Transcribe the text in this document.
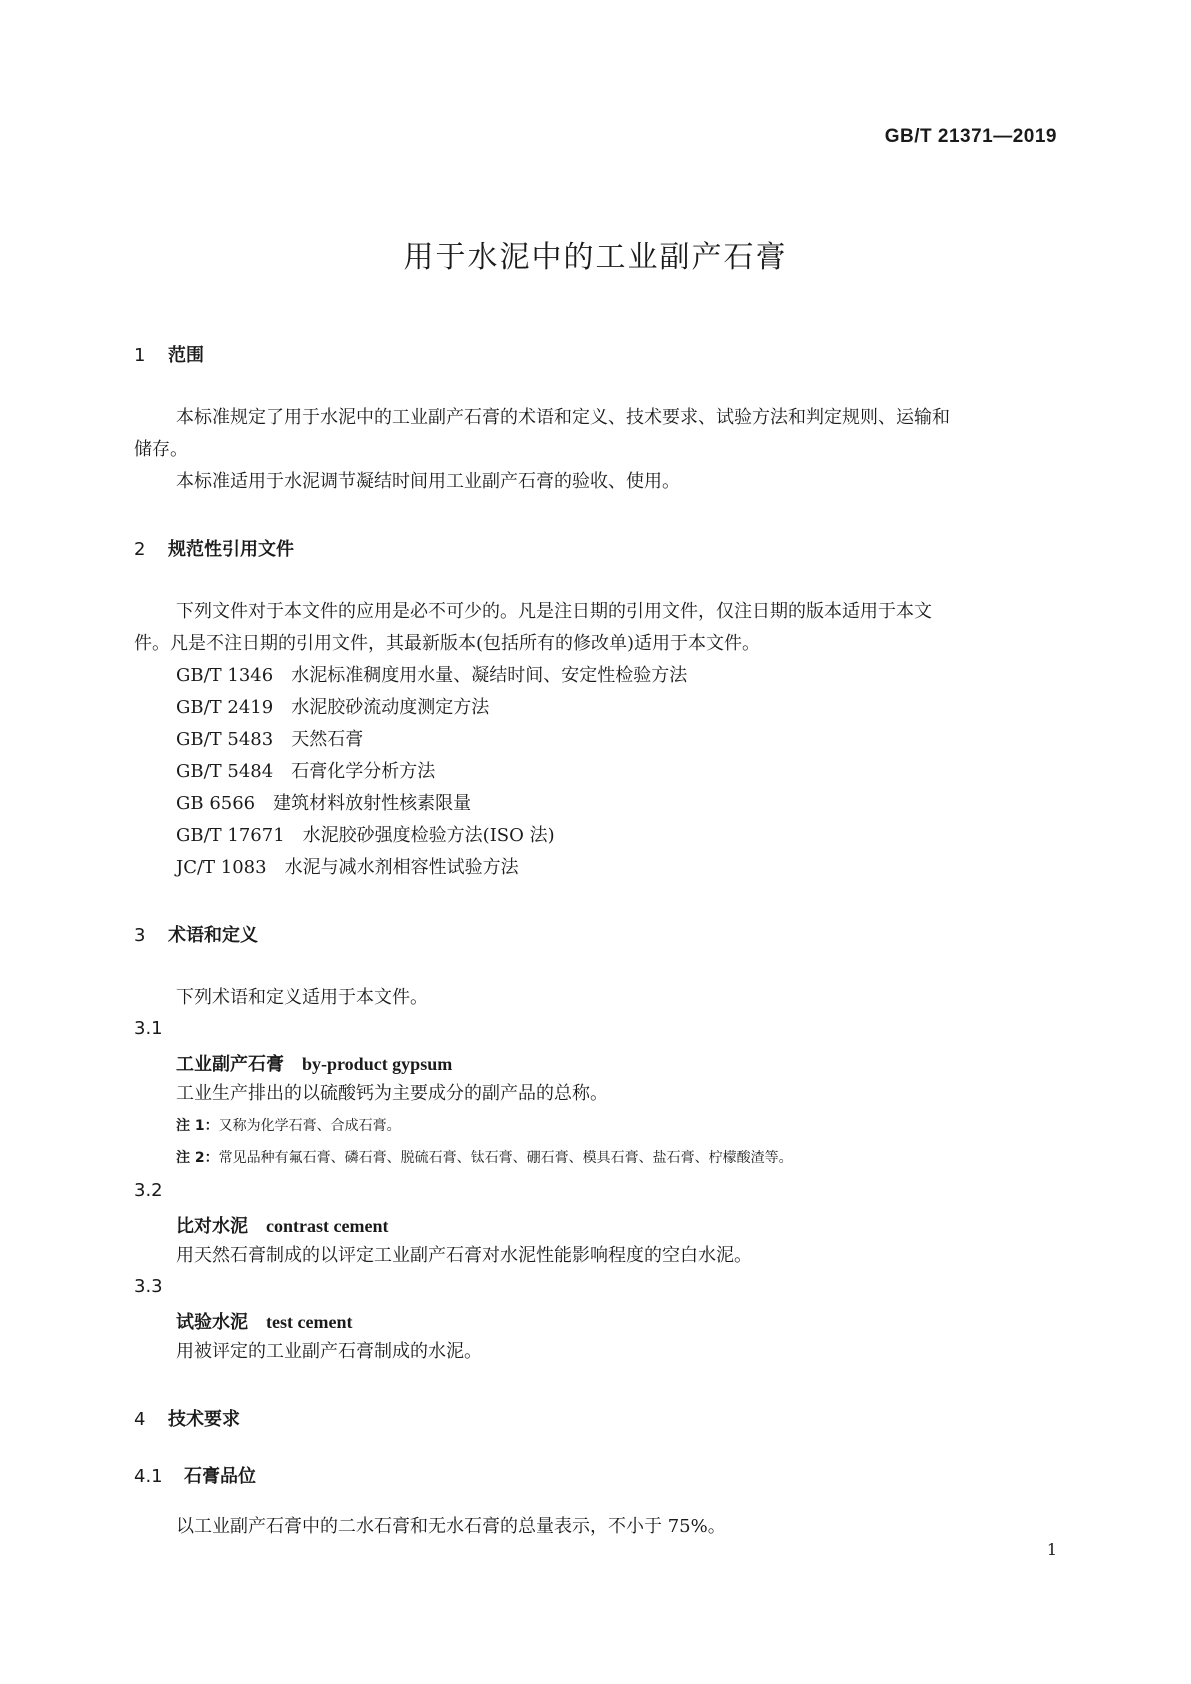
GB/T 21371—2019
用于水泥中的工业副产石膏
1 范围
本标准规定了用于水泥中的工业副产石膏的术语和定义、技术要求、试验方法和判定规则、运输和
储存。
本标准适用于水泥调节凝结时间用工业副产石膏的验收、使用。
2 规范性引用文件
下列文件对于本文件的应用是必不可少的。凡是注日期的引用文件，仅注日期的版本适用于本文
件。凡是不注日期的引用文件，其最新版本(包括所有的修改单)适用于本文件。
GB/T 1346 水泥标准稠度用水量、凝结时间、安定性检验方法
GB/T 2419 水泥胶砂流动度测定方法
GB/T 5483 天然石膏
GB/T 5484 石膏化学分析方法
GB 6566 建筑材料放射性核素限量
GB/T 17671 水泥胶砂强度检验方法(ISO 法)
JC/T 1083 水泥与减水剂相容性试验方法
3 术语和定义
下列术语和定义适用于本文件。
3.1
工业副产石膏 by-product gypsum
工业生产排出的以硫酸钙为主要成分的副产品的总称。
注 1：又称为化学石膏、合成石膏。
注 2：常见品种有氟石膏、磷石膏、脱硫石膏、钛石膏、硼石膏、模具石膏、盐石膏、柠檬酸渣等。
3.2
比对水泥 contrast cement
用天然石膏制成的以评定工业副产石膏对水泥性能影响程度的空白水泥。
3.3
试验水泥 test cement
用被评定的工业副产石膏制成的水泥。
4 技术要求
4.1 石膏品位
以工业副产石膏中的二水石膏和无水石膏的总量表示，不小于 75%。
1
